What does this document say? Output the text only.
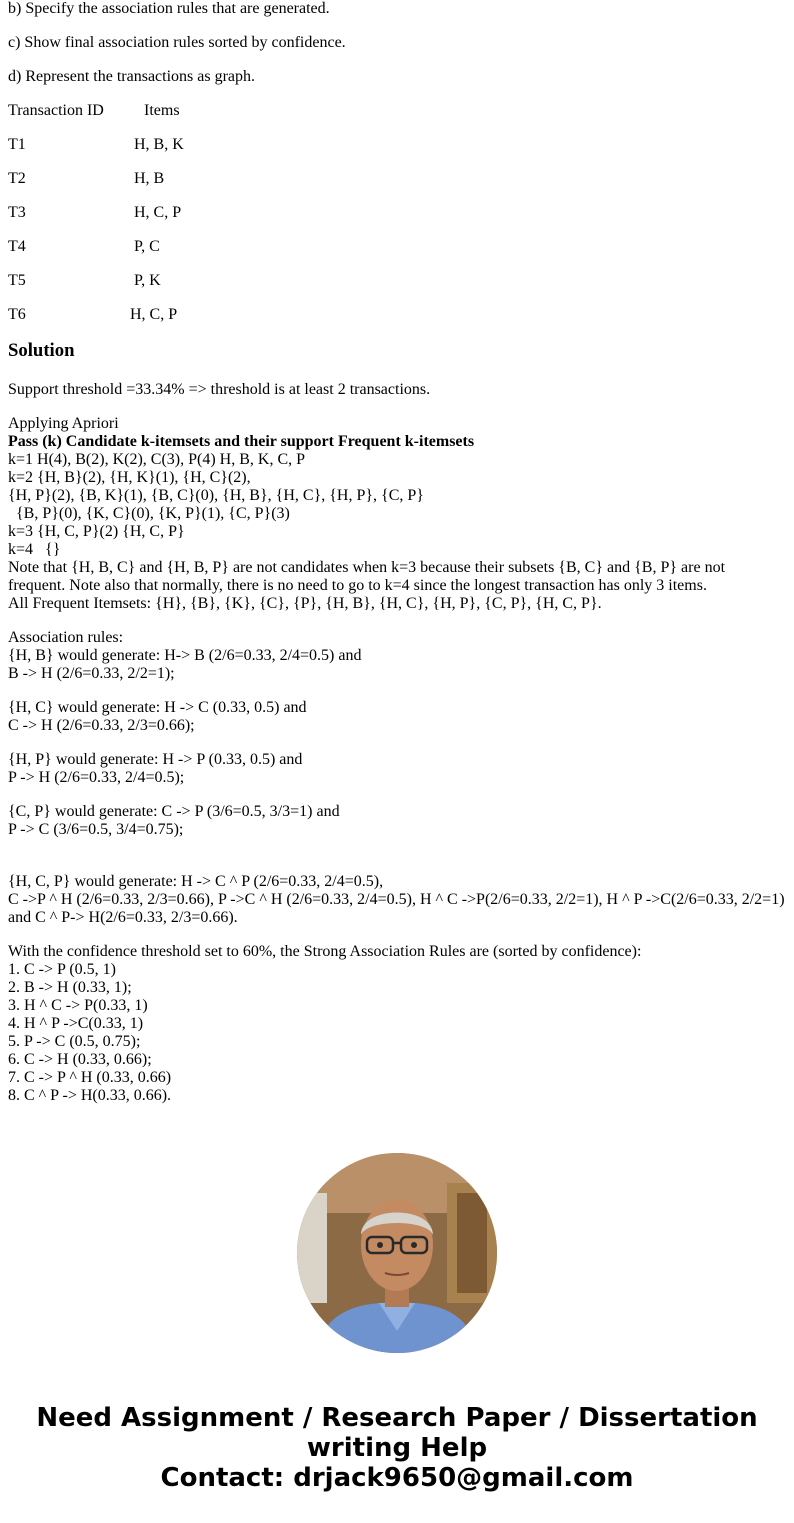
b) Specify the association rules that are generated.
c) Show final association rules sorted by confidence.
d) Represent the transactions as graph.
Transaction ID	Items
T1	H, B, K
T2	H, B
T3	H, C, P
T4	P, C
T5	P, K
T6	H, C, P
Solution
Support threshold =33.34% => threshold is at least 2 transactions.
Applying Apriori
Pass (k) Candidate k-itemsets and their support Frequent k-itemsets
k=1 H(4), B(2), K(2), C(3), P(4) H, B, K, C, P
k=2 {H, B}(2), {H, K}(1), {H, C}(2),
{H, P}(2), {B, K}(1), {B, C}(0), {H, B}, {H, C}, {H, P}, {C, P}
{B, P}(0), {K, C}(0), {K, P}(1), {C, P}(3)
k=3 {H, C, P}(2) {H, C, P}
k=4   {}
Note that {H, B, C} and {H, B, P} are not candidates when k=3 because their subsets {B, C} and {B, P} are not frequent. Note also that normally, there is no need to go to k=4 since the longest transaction has only 3 items.
All Frequent Itemsets: {H}, {B}, {K}, {C}, {P}, {H, B}, {H, C}, {H, P}, {C, P}, {H, C, P}.
Association rules:
{H, B} would generate: H-> B (2/6=0.33, 2/4=0.5) and
B -> H (2/6=0.33, 2/2=1);
{H, C} would generate: H -> C (0.33, 0.5) and
C -> H (2/6=0.33, 2/3=0.66);
{H, P} would generate: H -> P (0.33, 0.5) and
P -> H (2/6=0.33, 2/4=0.5);
{C, P} would generate: C -> P (3/6=0.5, 3/3=1) and
P -> C (3/6=0.5, 3/4=0.75);
{H, C, P} would generate: H -> C ^ P (2/6=0.33, 2/4=0.5),
C ->P ^ H (2/6=0.33, 2/3=0.66), P ->C ^ H (2/6=0.33, 2/4=0.5), H ^ C ->P(2/6=0.33, 2/2=1), H ^ P ->C(2/6=0.33, 2/2=1)
and C ^ P-> H(2/6=0.33, 2/3=0.66).
With the confidence threshold set to 60%, the Strong Association Rules are (sorted by confidence):
1. C -> P (0.5, 1)
2. B -> H (0.33, 1);
3. H ^ C -> P(0.33, 1)
4. H ^ P ->C(0.33, 1)
5. P -> C (0.5, 0.75);
6. C -> H (0.33, 0.66);
7. C -> P ^ H (0.33, 0.66)
8. C ^ P -> H(0.33, 0.66).
Need Assignment / Research Paper / Dissertation
writing Help
Contact: drjack9650@gmail.com
